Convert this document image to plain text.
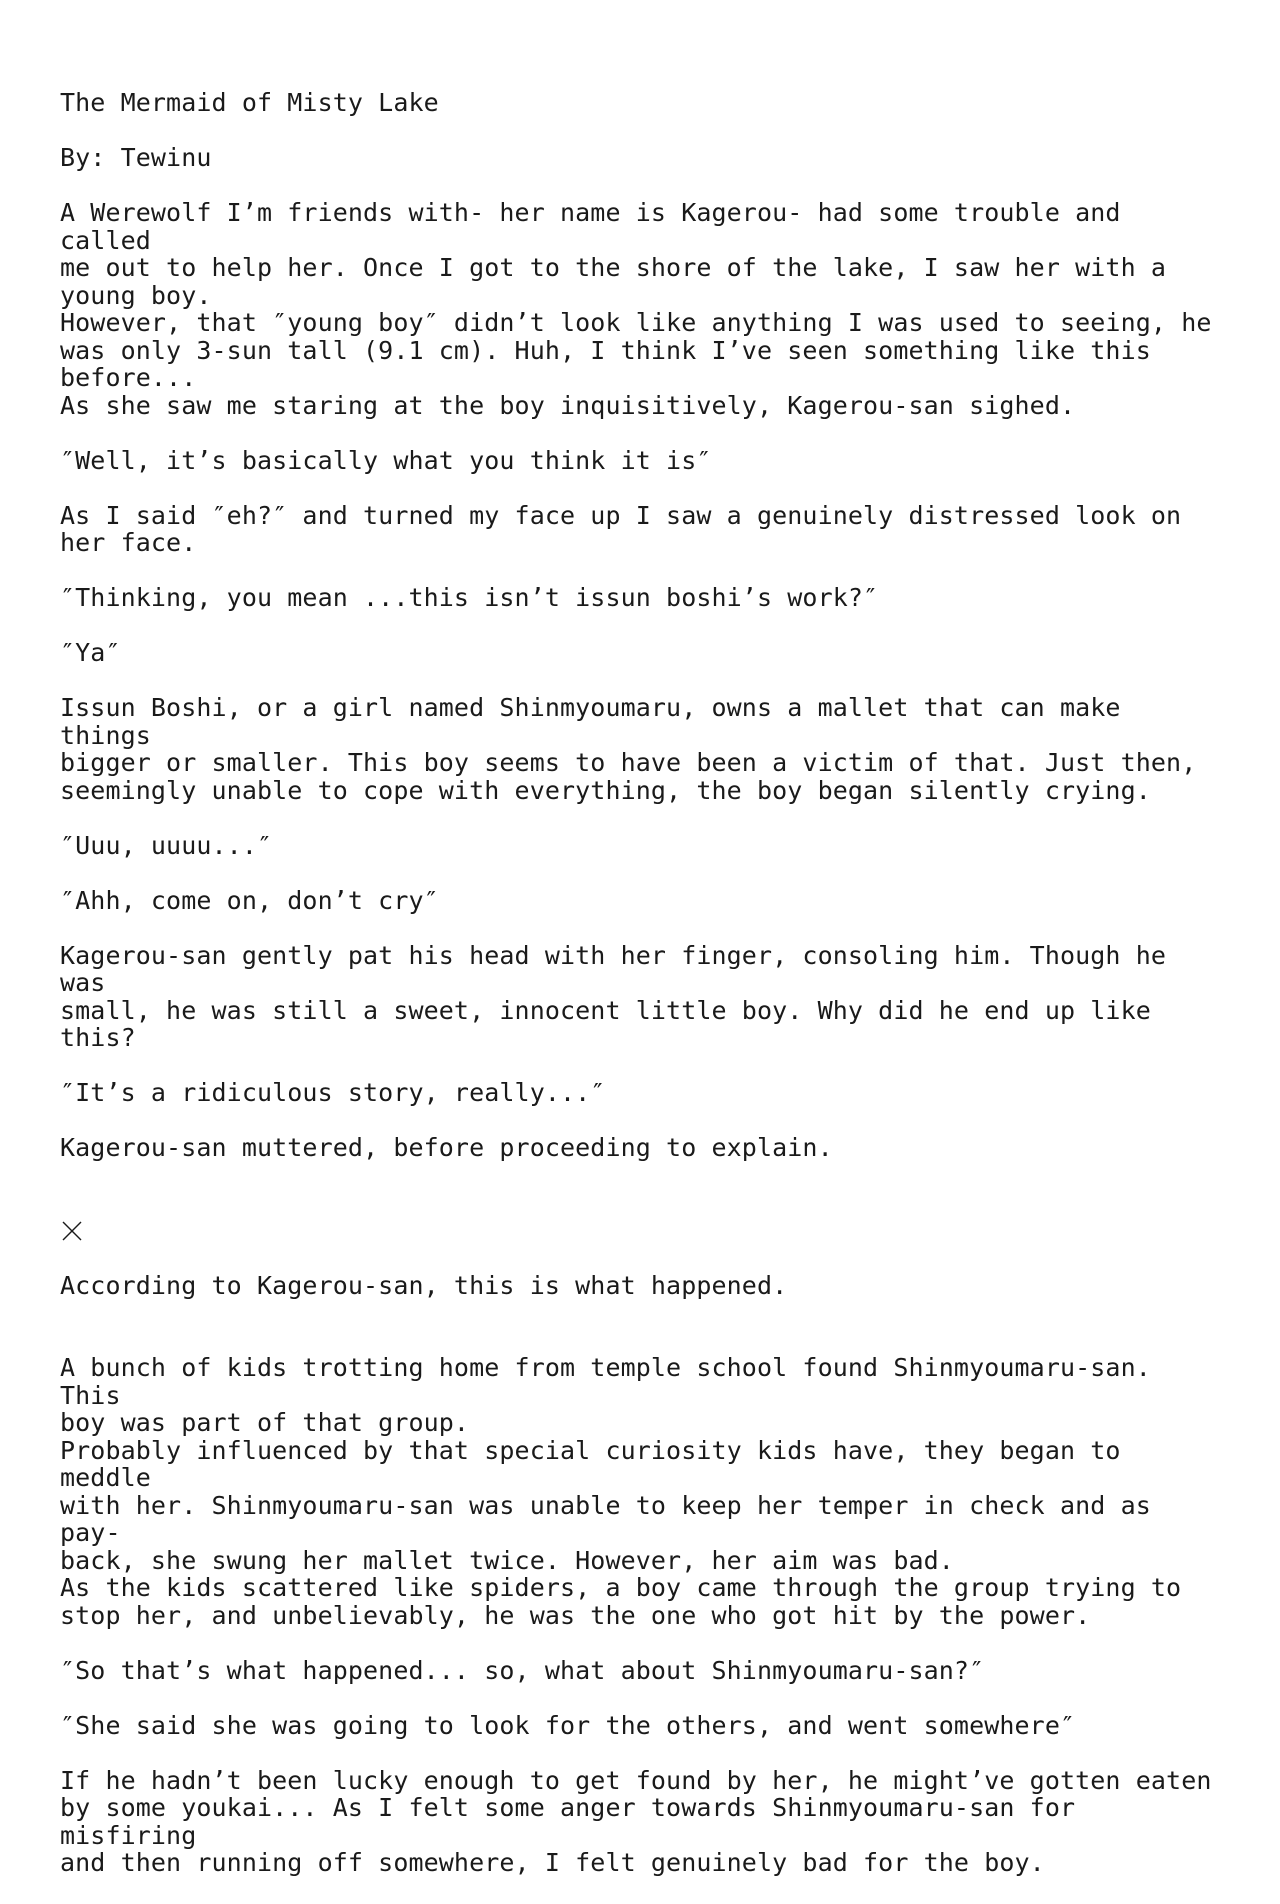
The Mermaid of Misty Lake

By: Tewinu

A Werewolf I’m friends with- her name is Kagerou- had some trouble and called
me out to help her. Once I got to the shore of the lake, I saw her with a
young boy.
However, that ″young boy″ didn’t look like anything I was used to seeing, he
was only 3-sun tall (9.1 cm). Huh, I think I’ve seen something like this
before...
As she saw me staring at the boy inquisitively, Kagerou-san sighed.

″Well, it’s basically what you think it is″

As I said ″eh?″ and turned my face up I saw a genuinely distressed look on
her face.

″Thinking, you mean ...this isn’t issun boshi’s work?″

″Ya″

Issun Boshi, or a girl named Shinmyoumaru, owns a mallet that can make things
bigger or smaller. This boy seems to have been a victim of that. Just then,
seemingly unable to cope with everything, the boy began silently crying.

″Uuu, uuuu...″

″Ahh, come on, don’t cry″

Kagerou-san gently pat his head with her finger, consoling him. Though he was
small, he was still a sweet, innocent little boy. Why did he end up like
this?

″It’s a ridiculous story, really...″

Kagerou-san muttered, before proceeding to explain.

According to Kagerou-san, this is what happened.

A bunch of kids trotting home from temple school found Shinmyoumaru-san. This
boy was part of that group.
Probably influenced by that special curiosity kids have, they began to meddle
with her. Shinmyoumaru-san was unable to keep her temper in check and as pay-
back, she swung her mallet twice. However, her aim was bad.
As the kids scattered like spiders, a boy came through the group trying to
stop her, and unbelievably, he was the one who got hit by the power.

″So that’s what happened... so, what about Shinmyoumaru-san?″

″She said she was going to look for the others, and went somewhere″

If he hadn’t been lucky enough to get found by her, he might’ve gotten eaten
by some youkai... As I felt some anger towards Shinmyoumaru-san for misfiring
and then running off somewhere, I felt genuinely bad for the boy.
